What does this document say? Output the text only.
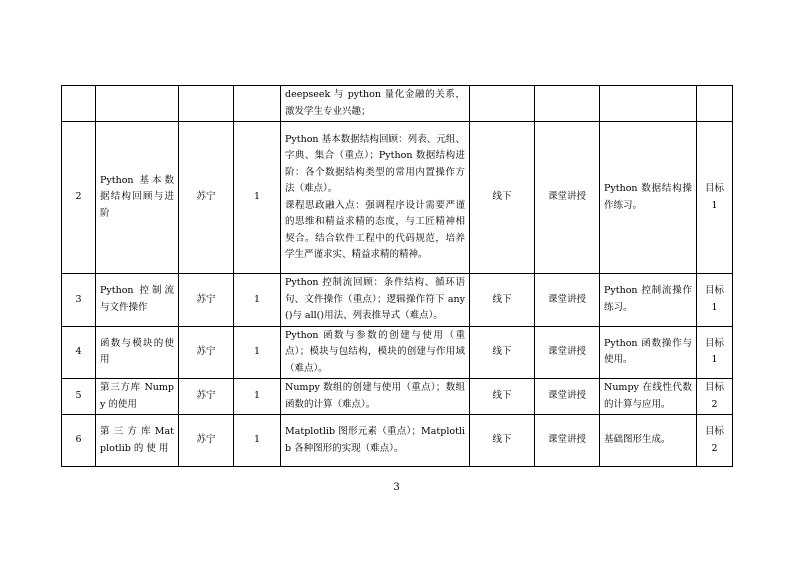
				deepseek 与 python 量化金融的关系，激发学生专业兴趣；				
2	Python 基本数据结构回顾与进阶	苏宁	1	Python 基本数据结构回顾：列表、元组、字典、集合（重点）；Python 数据结构进阶：各个数据结构类型的常用内置操作方法（难点）。
课程思政融入点：强调程序设计需要严谨的思维和精益求精的态度，与工匠精神相契合。结合软件工程中的代码规范，培养学生严谨求实、精益求精的精神。	线下	课堂讲授	Python 数据结构操作练习。	目标 1
3	Python 控制流与文件操作	苏宁	1	Python 控制流回顾：条件结构、循环语句、文件操作（重点）；逻辑操作符下 any()与 all()用法、列表推导式（难点）。	线下	课堂讲授	Python 控制流操作练习。	目标 1
4	函数与模块的使用	苏宁	1	Python 函数与参数的创建与使用（重点）；模块与包结构，模块的创建与作用域（难点）。	线下	课堂讲授	Python 函数操作与使用。	目标 1
5	第三方库 Numpy 的使用	苏宁	1	Numpy 数组的创建与使用（重点）；数组函数的计算（难点）。	线下	课堂讲授	Numpy 在线性代数的计算与应用。	目标 2
6	第 三 方 库 Matplotlib 的 使 用	苏宁	1	Matplotlib 图形元素（重点）；Matplotlib 各种图形的实现（难点）。	线下	课堂讲授	基础图形生成。	目标 2
3
